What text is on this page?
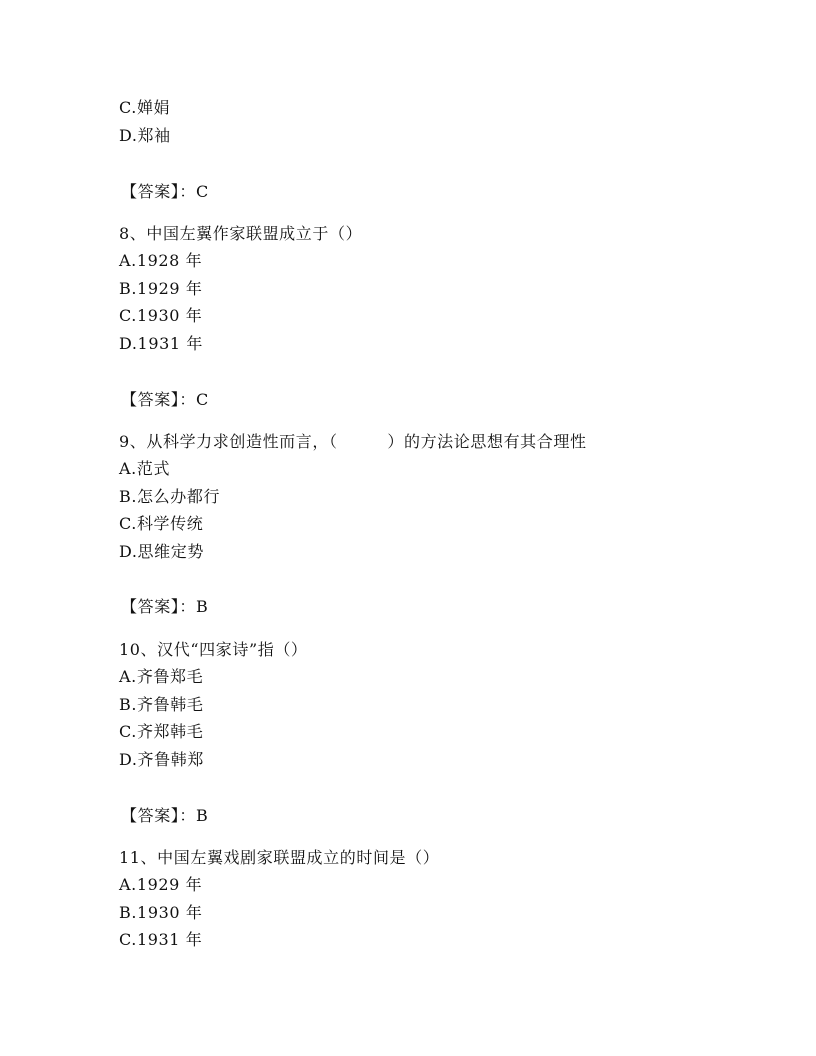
C.婵娟
D.郑袖
【答案】：C
8、中国左翼作家联盟成立于（）
A.1928 年
B.1929 年
C.1930 年
D.1931 年
【答案】：C
9、从科学力求创造性而言，（　　　）的方法论思想有其合理性
A.范式
B.怎么办都行
C.科学传统
D.思维定势
【答案】：B
10、汉代“四家诗”指（）
A.齐鲁郑毛
B.齐鲁韩毛
C.齐郑韩毛
D.齐鲁韩郑
【答案】：B
11、中国左翼戏剧家联盟成立的时间是（）
A.1929 年
B.1930 年
C.1931 年
